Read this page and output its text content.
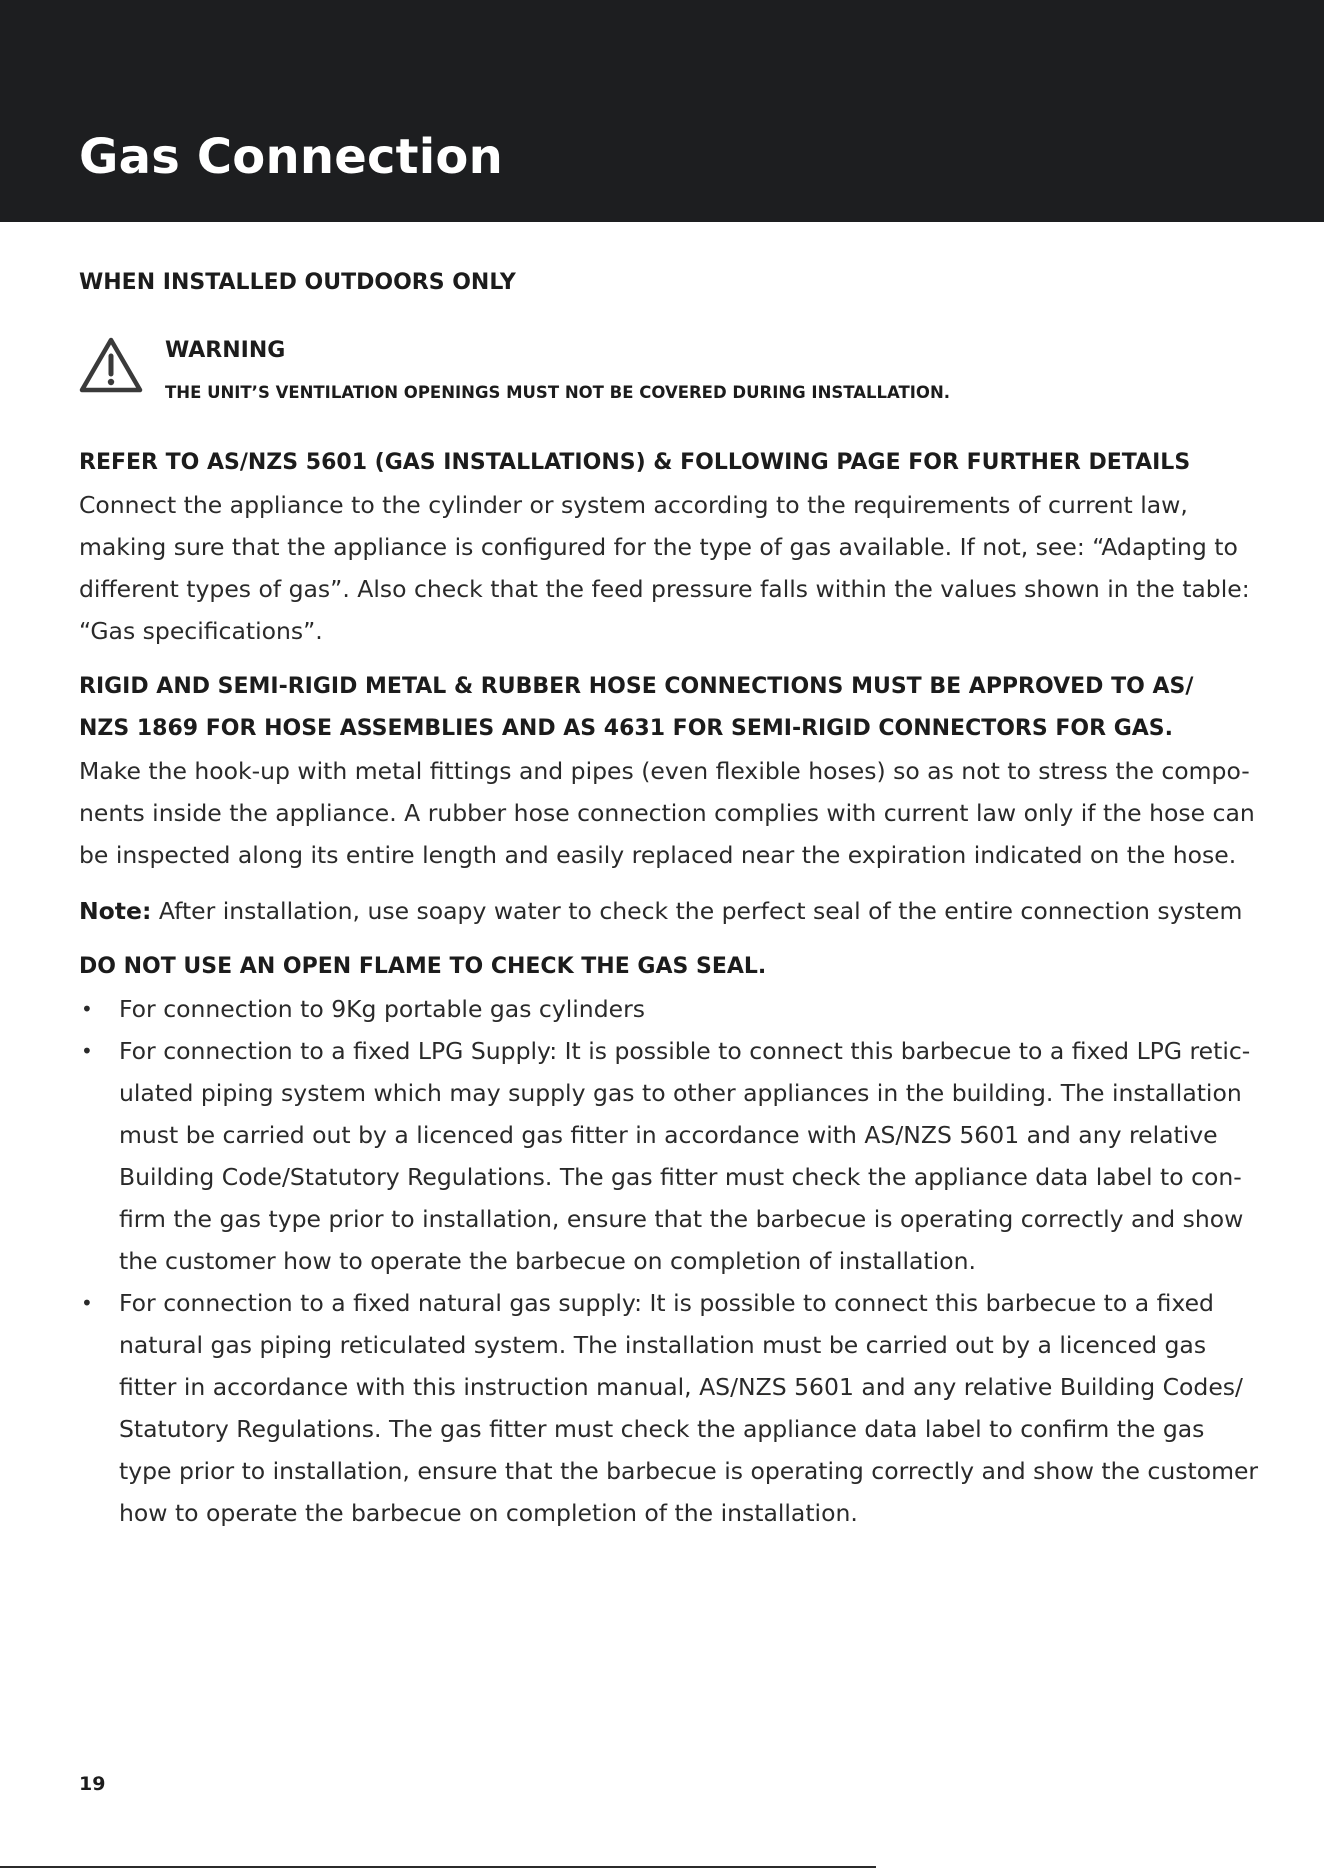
Gas Connection

WHEN INSTALLED OUTDOORS ONLY

WARNING

THE UNIT’S VENTILATION OPENINGS MUST NOT BE COVERED DURING INSTALLATION.

REFER TO AS/NZS 5601 (GAS INSTALLATIONS) & FOLLOWING PAGE FOR FURTHER DETAILS

Connect the appliance to the cylinder or system according to the requirements of current law,

making sure that the appliance is configured for the type of gas available. If not, see: “Adapting to

different types of gas”. Also check that the feed pressure falls within the values shown in the table:

“Gas specifications”.

RIGID AND SEMI-RIGID METAL & RUBBER HOSE CONNECTIONS MUST BE APPROVED TO AS/

NZS 1869 FOR HOSE ASSEMBLIES AND AS 4631 FOR SEMI-RIGID CONNECTORS FOR GAS.

Make the hook-up with metal fittings and pipes (even flexible hoses) so as not to stress the compo-

nents inside the appliance. A rubber hose connection complies with current law only if the hose can

be inspected along its entire length and easily replaced near the expiration indicated on the hose.

Note: After installation, use soapy water to check the perfect seal of the entire connection system

DO NOT USE AN OPEN FLAME TO CHECK THE GAS SEAL.

• For connection to 9Kg portable gas cylinders
• For connection to a fixed LPG Supply: It is possible to connect this barbecue to a fixed LPG retic-
ulated piping system which may supply gas to other appliances in the building. The installation
must be carried out by a licenced gas fitter in accordance with AS/NZS 5601 and any relative
Building Code/Statutory Regulations. The gas fitter must check the appliance data label to con-
firm the gas type prior to installation, ensure that the barbecue is operating correctly and show
the customer how to operate the barbecue on completion of installation.
• For connection to a fixed natural gas supply: It is possible to connect this barbecue to a fixed
natural gas piping reticulated system. The installation must be carried out by a licenced gas
fitter in accordance with this instruction manual, AS/NZS 5601 and any relative Building Codes/
Statutory Regulations. The gas fitter must check the appliance data label to confirm the gas
type prior to installation, ensure that the barbecue is operating correctly and show the customer
how to operate the barbecue on completion of the installation.

19
